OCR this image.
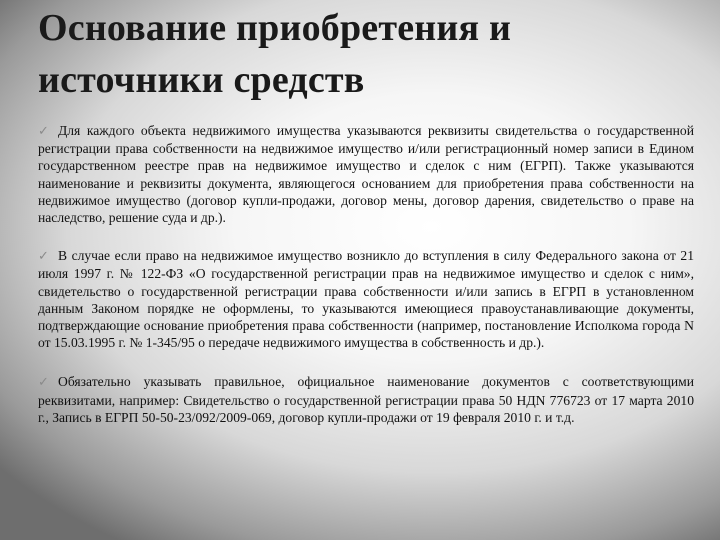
Основание приобретения и
источники средств

✓ Для каждого объекта недвижимого имущества указываются реквизиты свидетельства о государственной регистрации права собственности на недвижимое имущество и/или регистрационный номер записи в Едином государственном реестре прав на недвижимое имущество и сделок с ним (ЕГРП). Также указываются наименование и реквизиты документа, являющегося основанием для приобретения права собственности на недвижимое имущество (договор купли-продажи, договор мены, договор дарения, свидетельство о праве на наследство, решение суда и др.).

✓ В случае если право на недвижимое имущество возникло до вступления в силу Федерального закона от 21 июля 1997 г. № 122-ФЗ «О государственной регистрации прав на недвижимое имущество и сделок с ним», свидетельство о государственной регистрации права собственности и/или запись в ЕГРП в установленном данным Законом порядке не оформлены, то указываются имеющиеся правоустанавливающие документы, подтверждающие основание приобретения права собственности (например, постановление Исполкома города N от 15.03.1995 г. № 1-345/95 о передаче недвижимого имущества в собственность и др.).

✓ Обязательно указывать правильное, официальное наименование документов с соответствующими реквизитами, например: Свидетельство о государственной регистрации права 50 НДN 776723 от 17 марта 2010 г., Запись в ЕГРП 50-50-23/092/2009-069, договор купли-продажи от 19 февраля 2010 г. и т.д.
